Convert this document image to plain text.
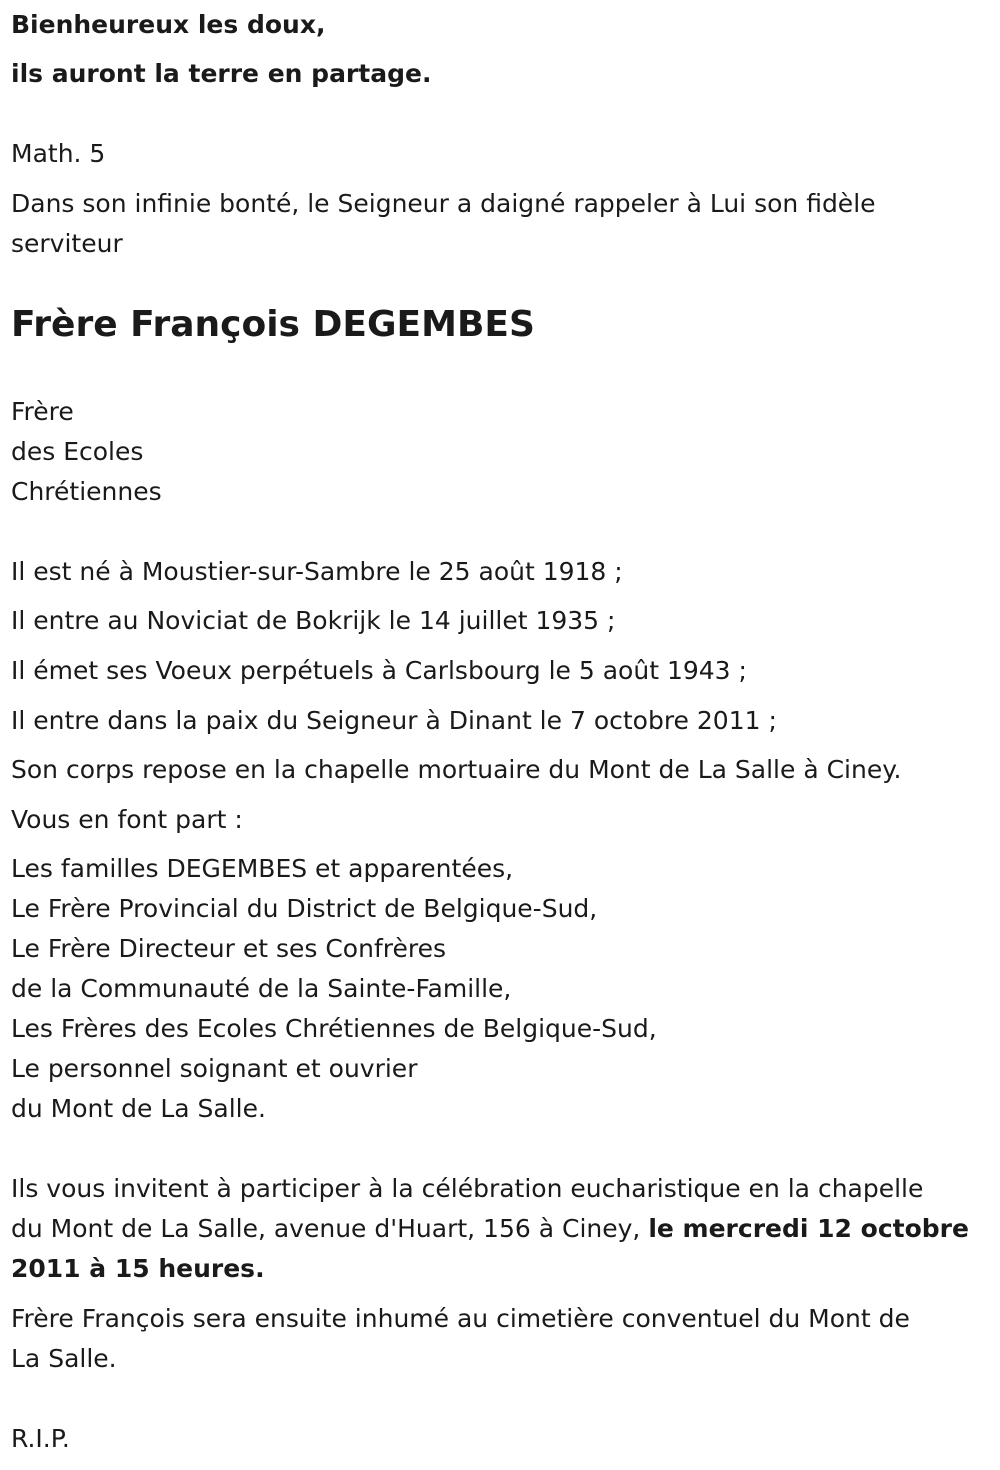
Bienheureux les doux,

ils auront la terre en partage.

Math. 5

Dans son infinie bonté, le Seigneur a daigné rappeler à Lui son fidèle

serviteur

Frère François DEGEMBES

Frère

des Ecoles

Chrétiennes

Il est né à Moustier-sur-Sambre le 25 août 1918 ;

Il entre au Noviciat de Bokrijk le 14 juillet 1935 ;

Il émet ses Voeux perpétuels à Carlsbourg le 5 août 1943 ;

Il entre dans la paix du Seigneur à Dinant le 7 octobre 2011 ;

Son corps repose en la chapelle mortuaire du Mont de La Salle à Ciney.

Vous en font part :

Les familles DEGEMBES et apparentées,

Le Frère Provincial du District de Belgique-Sud,

Le Frère Directeur et ses Confrères

de la Communauté de la Sainte-Famille,

Les Frères des Ecoles Chrétiennes de Belgique-Sud,

Le personnel soignant et ouvrier

du Mont de La Salle.

Ils vous invitent à participer à la célébration eucharistique en la chapelle

du Mont de La Salle, avenue d'Huart, 156 à Ciney, le mercredi 12 octobre

2011 à 15 heures.

Frère François sera ensuite inhumé au cimetière conventuel du Mont de

La Salle.

R.I.P.
